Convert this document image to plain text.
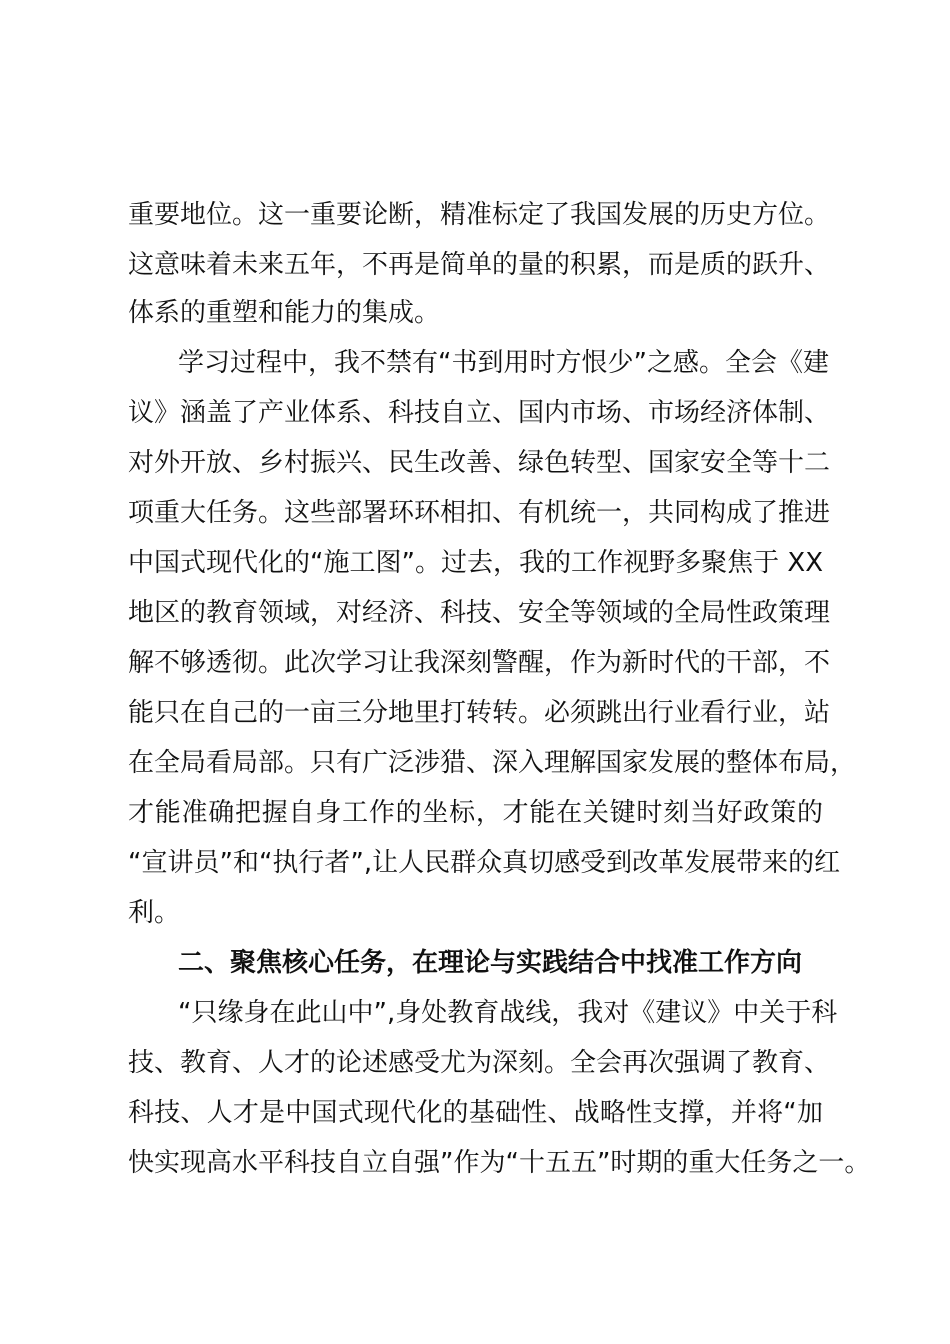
重要地位。这一重要论断，精准标定了我国发展的历史方位。
这意味着未来五年，不再是简单的量的积累，而是质的跃升、
体系的重塑和能力的集成。
学习过程中，我不禁有“书到用时方恨少”之感。全会《建
议》涵盖了产业体系、科技自立、国内市场、市场经济体制、
对外开放、乡村振兴、民生改善、绿色转型、国家安全等十二
项重大任务。这些部署环环相扣、有机统一，共同构成了推进
中国式现代化的“施工图”。过去，我的工作视野多聚焦于 XX
地区的教育领域，对经济、科技、安全等领域的全局性政策理
解不够透彻。此次学习让我深刻警醒，作为新时代的干部，不
能只在自己的一亩三分地里打转转。必须跳出行业看行业，站
在全局看局部。只有广泛涉猎、深入理解国家发展的整体布局，
才能准确把握自身工作的坐标，才能在关键时刻当好政策的
“宣讲员”和“执行者”,让人民群众真切感受到改革发展带来的红
利。
二、聚焦核心任务，在理论与实践结合中找准工作方向
“只缘身在此山中”,身处教育战线，我对《建议》中关于科
技、教育、人才的论述感受尤为深刻。全会再次强调了教育、
科技、人才是中国式现代化的基础性、战略性支撑，并将“加
快实现高水平科技自立自强”作为“十五五”时期的重大任务之一。
